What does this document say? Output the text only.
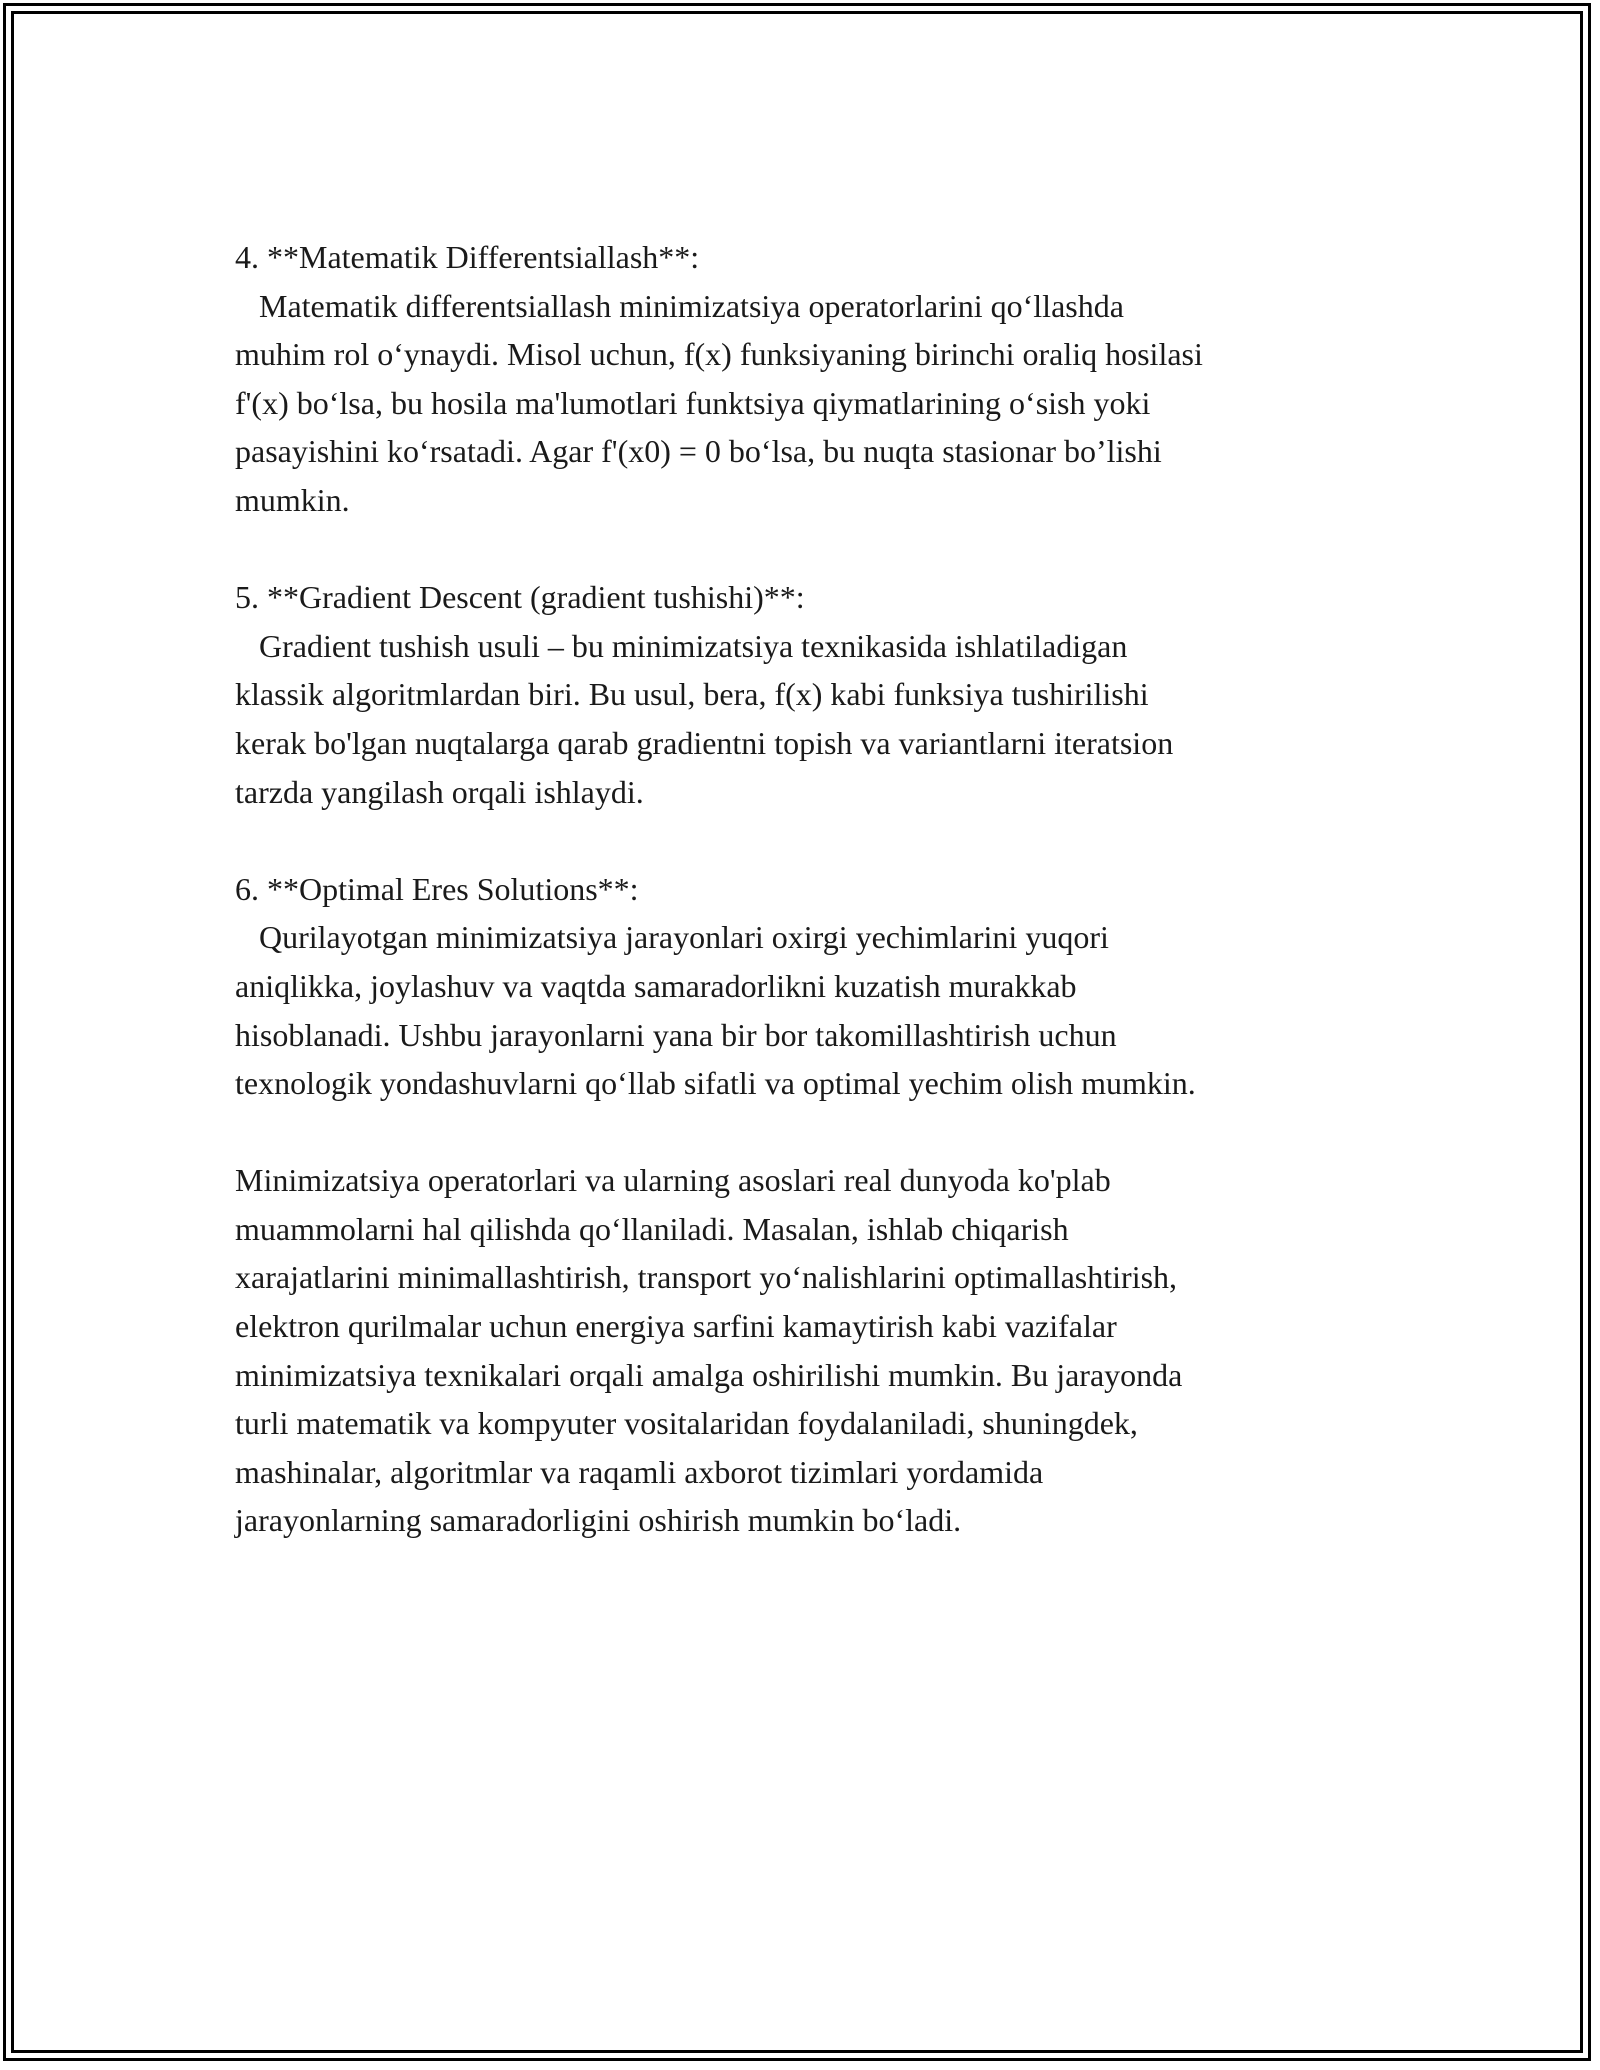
4. **Matematik Differentsiallash**:
Matematik differentsiallash minimizatsiya operatorlarini qo‘llashda
muhim rol o‘ynaydi. Misol uchun, f(x) funksiyaning birinchi oraliq hosilasi
f'(x) bo‘lsa, bu hosila ma'lumotlari funktsiya qiymatlarining o‘sish yoki
pasayishini ko‘rsatadi. Agar f'(x0) = 0 bo‘lsa, bu nuqta stasionar bo’lishi
mumkin.
5. **Gradient Descent (gradient tushishi)**:
Gradient tushish usuli – bu minimizatsiya texnikasida ishlatiladigan
klassik algoritmlardan biri. Bu usul, bera, f(x) kabi funksiya tushirilishi
kerak bo'lgan nuqtalarga qarab gradientni topish va variantlarni iteratsion
tarzda yangilash orqali ishlaydi.
6. **Optimal Eres Solutions**:
Qurilayotgan minimizatsiya jarayonlari oxirgi yechimlarini yuqori
aniqlikka, joylashuv va vaqtda samaradorlikni kuzatish murakkab
hisoblanadi. Ushbu jarayonlarni yana bir bor takomillashtirish uchun
texnologik yondashuvlarni qo‘llab sifatli va optimal yechim olish mumkin.
Minimizatsiya operatorlari va ularning asoslari real dunyoda ko'plab
muammolarni hal qilishda qo‘llaniladi. Masalan, ishlab chiqarish
xarajatlarini minimallashtirish, transport yo‘nalishlarini optimallashtirish,
elektron qurilmalar uchun energiya sarfini kamaytirish kabi vazifalar
minimizatsiya texnikalari orqali amalga oshirilishi mumkin. Bu jarayonda
turli matematik va kompyuter vositalaridan foydalaniladi, shuningdek,
mashinalar, algoritmlar va raqamli axborot tizimlari yordamida
jarayonlarning samaradorligini oshirish mumkin bo‘ladi.
